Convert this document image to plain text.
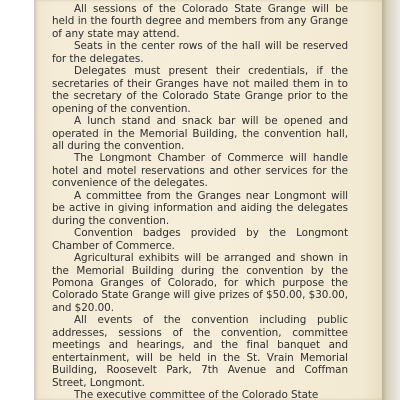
All sessions of the Colorado State Grange will be held in the fourth degree and members from any Grange of any state may attend.

Seats in the center rows of the hall will be reserved for the delegates.

Delegates must present their credentials, if the secretaries of their Granges have not mailed them in to the secretary of the Colorado State Grange prior to the opening of the convention.

A lunch stand and snack bar will be opened and operated in the Memorial Building, the convention hall, all during the convention.

The Longmont Chamber of Commerce will handle hotel and motel reservations and other services for the convenience of the delegates.

A committee from the Granges near Longmont will be active in giving information and aiding the delegates during the convention.

Convention badges provided by the Longmont Chamber of Commerce.

Agricultural exhibits will be arranged and shown in the Memorial Building during the convention by the Pomona Granges of Colorado, for which purpose the Colorado State Grange will give prizes of $50.00, $30.00, and $20.00.

All events of the convention including public addresses, sessions of the convention, committee meetings and hearings, and the final banquet and entertainment, will be held in the St. Vrain Memorial Building, Roosevelt Park, 7th Avenue and Coffman Street, Longmont.

The executive committee of the Colorado State
